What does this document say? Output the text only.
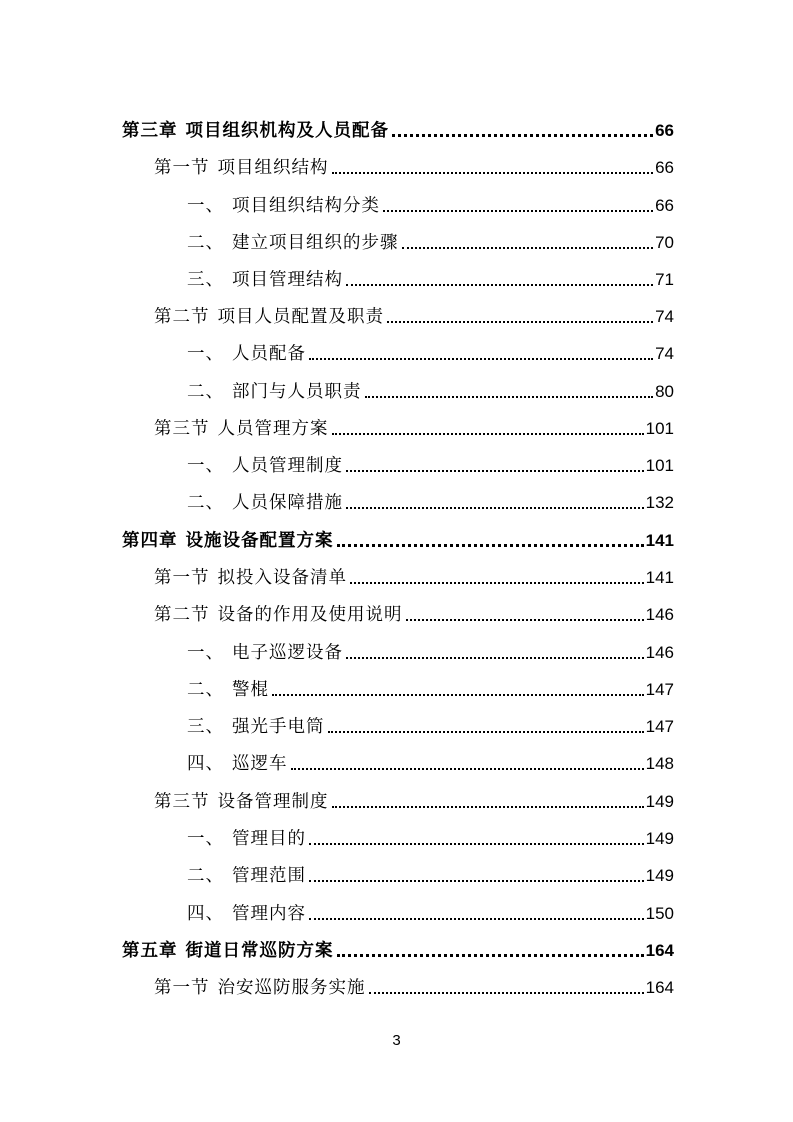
第三章 项目组织机构及人员配备	66
第一节 项目组织结构	66
一、 项目组织结构分类	66
二、 建立项目组织的步骤	70
三、 项目管理结构	71
第二节 项目人员配置及职责	74
一、 人员配备	74
二、 部门与人员职责	80
第三节 人员管理方案	101
一、 人员管理制度	101
二、 人员保障措施	132
第四章 设施设备配置方案	141
第一节 拟投入设备清单	141
第二节 设备的作用及使用说明	146
一、 电子巡逻设备	146
二、 警棍	147
三、 强光手电筒	147
四、 巡逻车	148
第三节 设备管理制度	149
一、 管理目的	149
二、 管理范围	149
四、 管理内容	150
第五章 街道日常巡防方案	164
第一节 治安巡防服务实施	164
3
